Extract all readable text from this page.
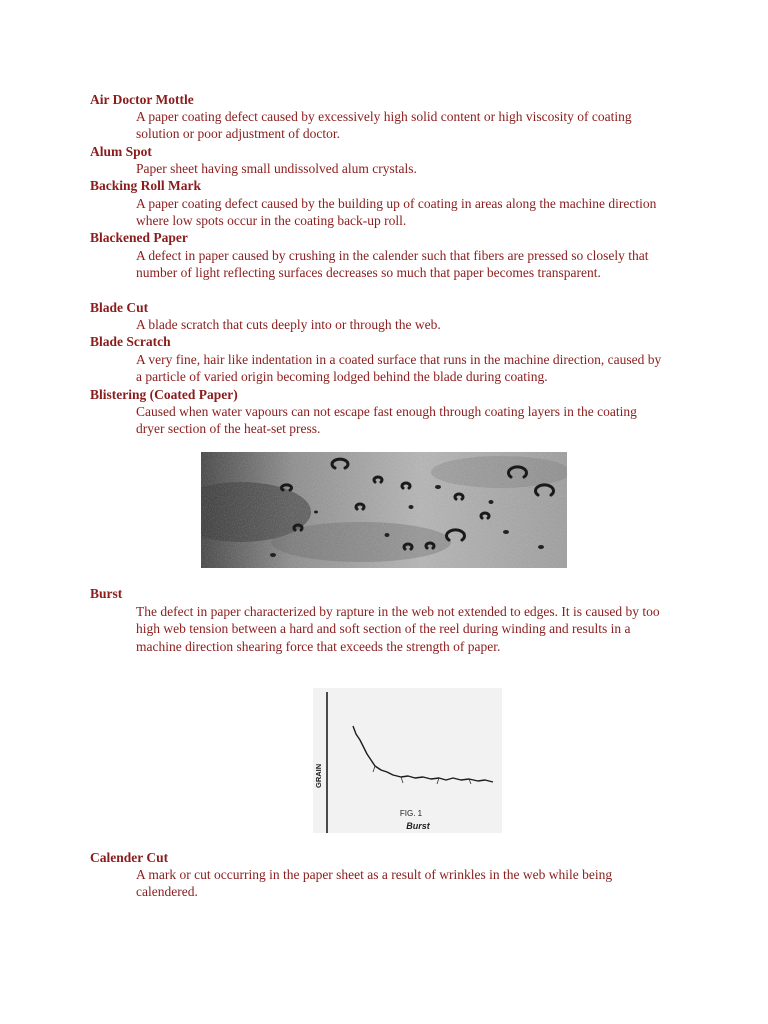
Air Doctor Mottle
A paper coating defect caused by excessively high solid content or high viscosity of coating solution or poor adjustment of doctor.
Alum Spot
Paper sheet having small undissolved alum crystals.
Backing Roll Mark
A paper coating defect caused by the building up of coating in areas along the machine direction where low spots occur in the coating back-up roll.
Blackened Paper
A defect in paper caused by crushing in the calender such that fibers are pressed so closely that number of light reflecting surfaces decreases so much that paper becomes transparent.
Blade Cut
A blade scratch that cuts deeply into or through the web.
Blade Scratch
A very fine, hair like indentation in a coated surface that runs in the machine direction, caused by a particle of varied origin becoming lodged behind the blade during coating.
Blistering (Coated Paper)
Caused when water vapours can not escape fast enough through coating layers in the coating dryer section of the heat-set press.
Burst
The defect in paper characterized by rapture in the web not extended to edges. It is caused by too high web tension between a hard and soft section of the reel during winding and results in a machine direction shearing force that exceeds the strength of paper.
GRAIN
FIG. 1
Burst
Calender Cut
A mark or cut occurring in the paper sheet as a result of wrinkles in the web while being calendered.
